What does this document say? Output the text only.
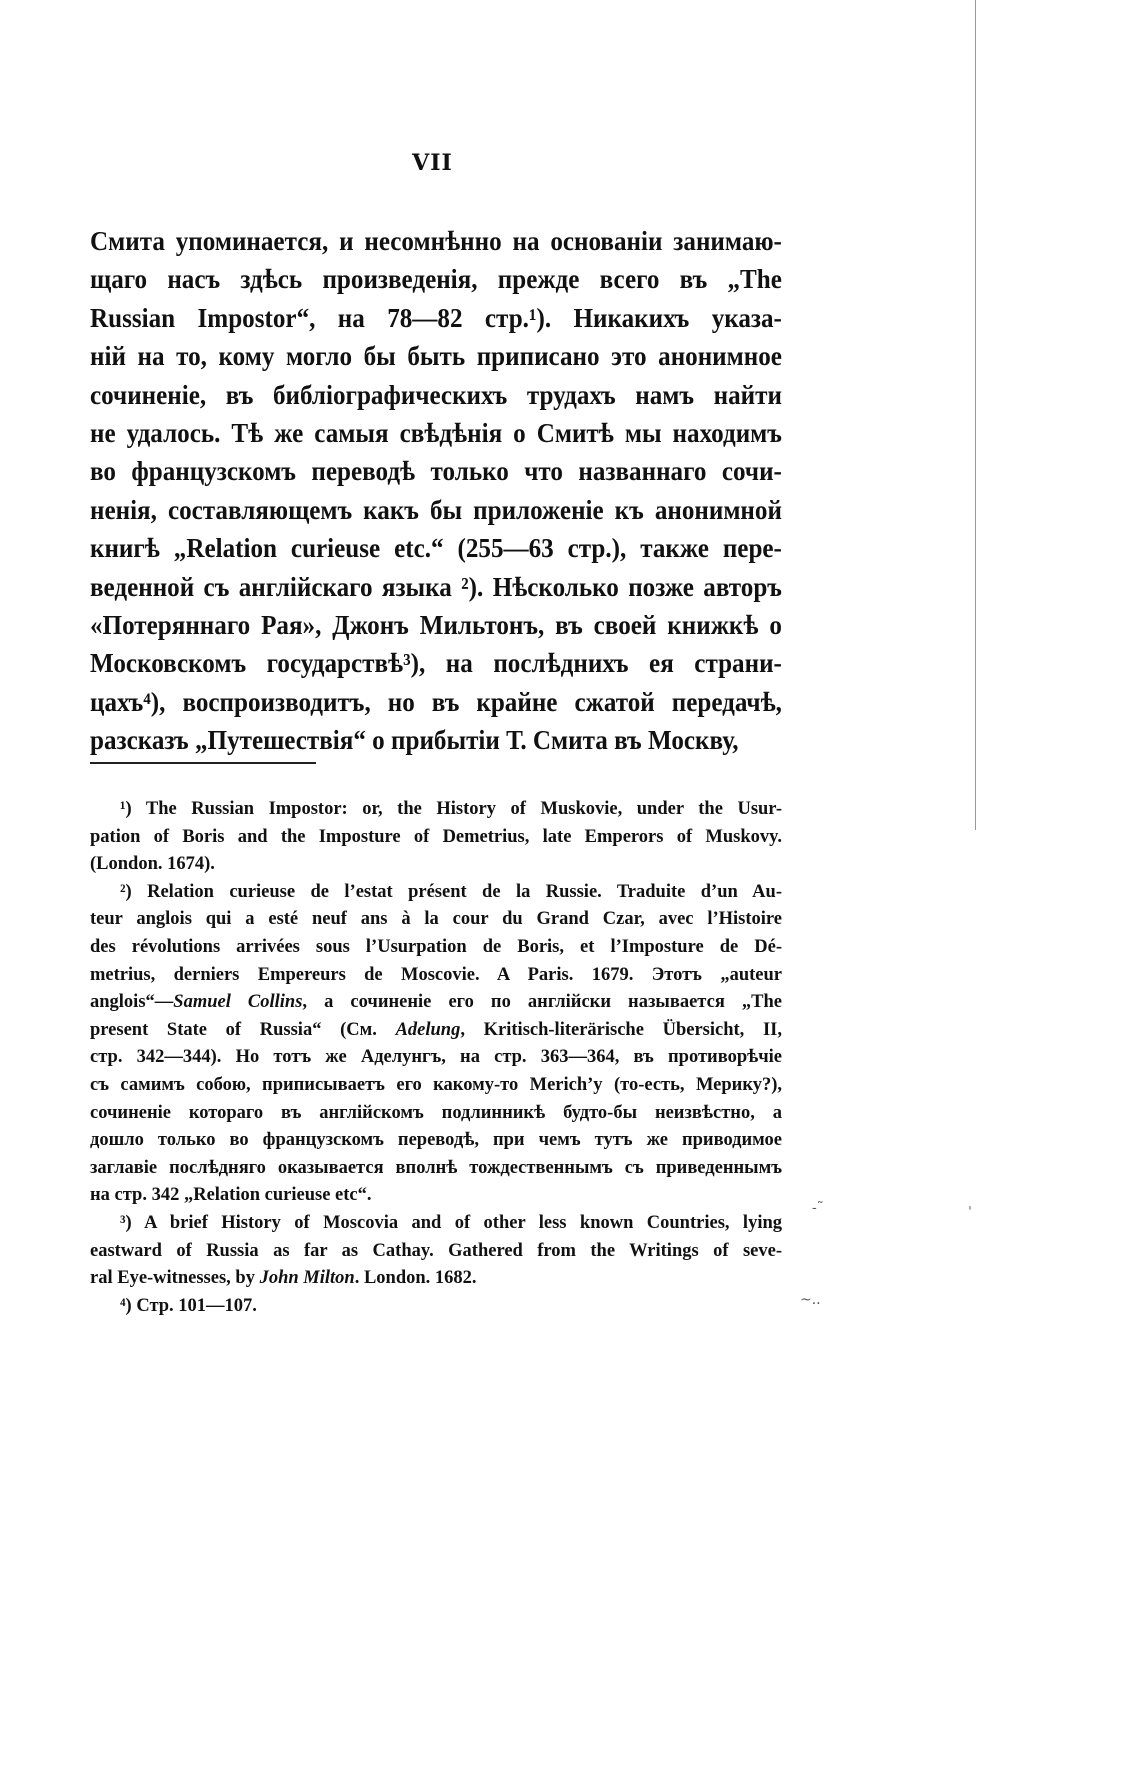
VII
Смита упоминается, и несомнѣнно на основаніи занимаю-
щаго насъ здѣсь произведенія, прежде всего въ „The
Russian Impostor“, на 78—82 стр.¹). Никакихъ указа-
ній на то, кому могло бы быть приписано это анонимное
сочиненіе, въ библіографическихъ трудахъ намъ найти
не удалось. Тѣ же самыя свѣдѣнія о Смитѣ мы находимъ
во французскомъ переводѣ только что названнаго сочи-
ненія, составляющемъ какъ бы приложеніе къ анонимной
книгѣ „Relation curieuse etc.“ (255—63 стр.), также пере-
веденной съ англійскаго языка ²). Нѣсколько позже авторъ
«Потеряннаго Рая», Джонъ Мильтонъ, въ своей книжкѣ о
Московскомъ государствѣ³), на послѣднихъ ея страни-
цахъ⁴), воспроизводитъ, но въ крайне сжатой передачѣ,
разсказъ „Путешествія“ о прибытіи Т. Смита въ Москву,
¹) The Russian Impostor: or, the History of Muskovie, under the Usur-
pation of Boris and the Imposture of Demetrius, late Emperors of Muskovy.
(London. 1674).
²) Relation curieuse de l’estat présent de la Russie. Traduite d’un Au-
teur anglois qui a esté neuf ans à la cour du Grand Czar, avec l’Histoire
des révolutions arrivées sous l’Usurpation de Boris, et l’Imposture de Dé-
metrius, derniers Empereurs de Moscovie. A Paris. 1679. Этотъ „auteur
anglois“—Samuel Collins, а сочиненіе его по англійски называется „The
present State of Russia“ (См. Adelung, Kritisch-literärische Übersicht, II,
стр. 342—344). Но тотъ же Аделунгъ, на стр. 363—364, въ противорѣчіе
съ самимъ собою, приписываетъ его какому-то Merich’у (то-есть, Мерику?),
сочиненіе котораго въ англійскомъ подлинникѣ будто-бы неизвѣстно, а
дошло только во французскомъ переводѣ, при чемъ тутъ же приводимое
заглавіе послѣдняго оказывается вполнѣ тождественнымъ съ приведеннымъ
на стр. 342 „Relation curieuse etc“.
³) A brief History of Moscovia and of other less known Countries, lying
eastward of Russia as far as Cathay. Gathered from the Writings of seve-
ral Eye-witnesses, by John Milton. London. 1682.
⁴) Стр. 101—107.
ˈ
-˜
~..
